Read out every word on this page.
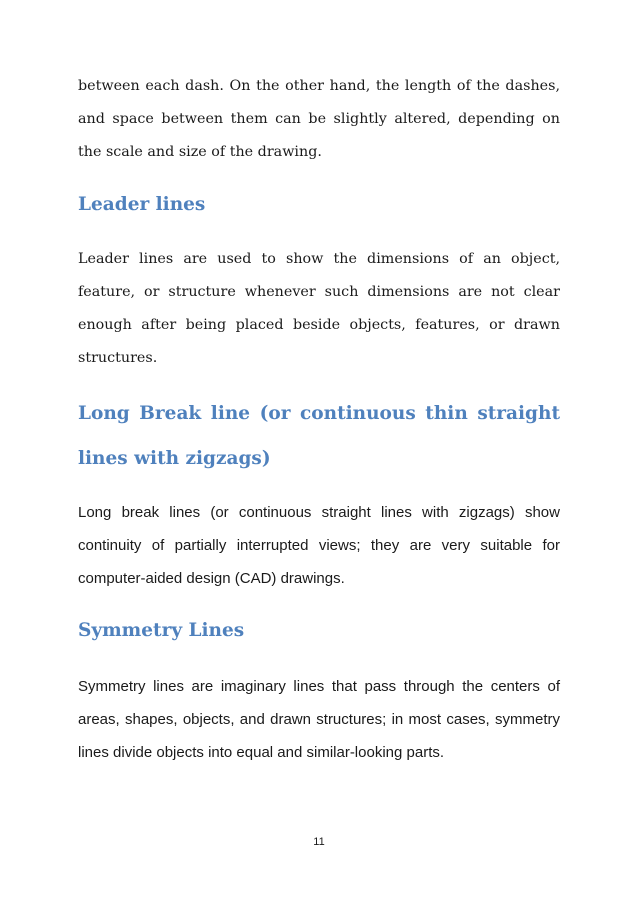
between each dash. On the other hand, the length of the dashes, and space between them can be slightly altered, depending on the scale and size of the drawing.

Leader lines

Leader lines are used to show the dimensions of an object, feature, or structure whenever such dimensions are not clear enough after being placed beside objects, features, or drawn structures.

Long Break line (or continuous thin straight lines with zigzags)

Long break lines (or continuous straight lines with zigzags) show continuity of partially interrupted views; they are very suitable for computer-aided design (CAD) drawings.

Symmetry Lines

Symmetry lines are imaginary lines that pass through the centers of areas, shapes, objects, and drawn structures; in most cases, symmetry lines divide objects into equal and similar-looking parts.

11
